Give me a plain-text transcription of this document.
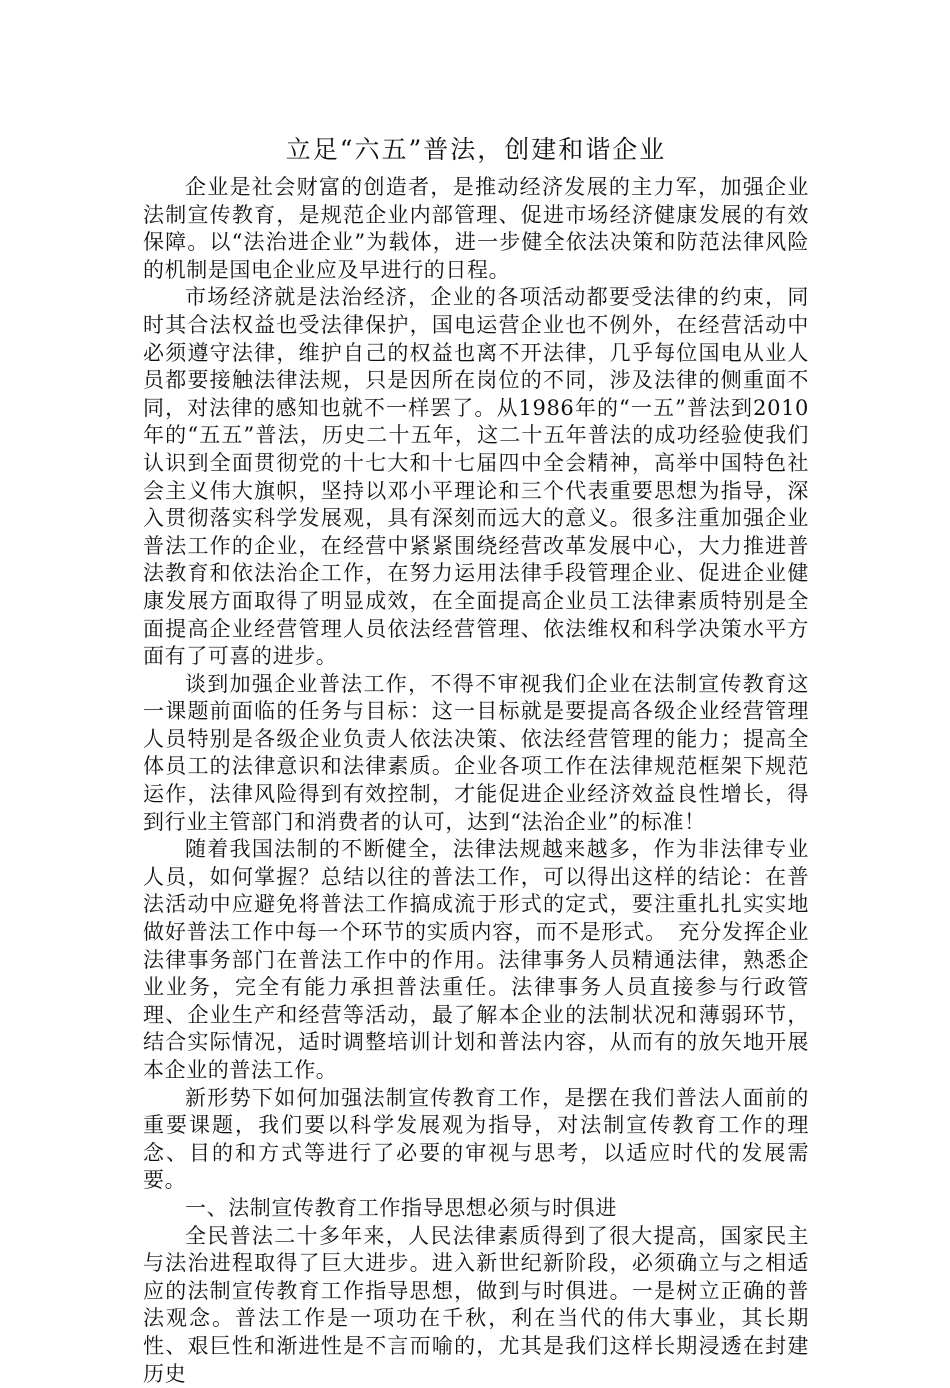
立足“六五”普法，创建和谐企业

企业是社会财富的创造者，是推动经济发展的主力军，加强企业法制宣传教育，是规范企业内部管理、促进市场经济健康发展的有效保障。以“法治进企业”为载体，进一步健全依法决策和防范法律风险的机制是国电企业应及早进行的日程。

市场经济就是法治经济，企业的各项活动都要受法律的约束，同时其合法权益也受法律保护，国电运营企业也不例外，在经营活动中必须遵守法律，维护自己的权益也离不开法律，几乎每位国电从业人员都要接触法律法规，只是因所在岗位的不同，涉及法律的侧重面不同，对法律的感知也就不一样罢了。从1986年的“一五”普法到2010年的“五五”普法，历史二十五年，这二十五年普法的成功经验使我们认识到全面贯彻党的十七大和十七届四中全会精神，高举中国特色社会主义伟大旗帜，坚持以邓小平理论和三个代表重要思想为指导，深入贯彻落实科学发展观，具有深刻而远大的意义。很多注重加强企业普法工作的企业，在经营中紧紧围绕经营改革发展中心，大力推进普法教育和依法治企工作，在努力运用法律手段管理企业、促进企业健康发展方面取得了明显成效，在全面提高企业员工法律素质特别是全面提高企业经营管理人员依法经营管理、依法维权和科学决策水平方面有了可喜的进步。

谈到加强企业普法工作，不得不审视我们企业在法制宣传教育这一课题前面临的任务与目标：这一目标就是要提高各级企业经营管理人员特别是各级企业负责人依法决策、依法经营管理的能力；提高全体员工的法律意识和法律素质。企业各项工作在法律规范框架下规范运作，法律风险得到有效控制，才能促进企业经济效益良性增长，得到行业主管部门和消费者的认可，达到“法治企业”的标准！

随着我国法制的不断健全，法律法规越来越多，作为非法律专业人员，如何掌握？总结以往的普法工作，可以得出这样的结论：在普法活动中应避免将普法工作搞成流于形式的定式，要注重扎扎实实地做好普法工作中每一个环节的实质内容，而不是形式。　充分发挥企业法律事务部门在普法工作中的作用。法律事务人员精通法律，熟悉企业业务，完全有能力承担普法重任。法律事务人员直接参与行政管理、企业生产和经营等活动，最了解本企业的法制状况和薄弱环节，结合实际情况，适时调整培训计划和普法内容，从而有的放矢地开展本企业的普法工作。

新形势下如何加强法制宣传教育工作，是摆在我们普法人面前的重要课题，我们要以科学发展观为指导，对法制宣传教育工作的理念、目的和方式等进行了必要的审视与思考，以适应时代的发展需要。

一、法制宣传教育工作指导思想必须与时俱进

全民普法二十多年来，人民法律素质得到了很大提高，国家民主与法治进程取得了巨大进步。进入新世纪新阶段，必须确立与之相适应的法制宣传教育工作指导思想，做到与时俱进。一是树立正确的普法观念。普法工作是一项功在千秋，利在当代的伟大事业，其长期性、艰巨性和渐进性是不言而喻的，尤其是我们这样长期浸透在封建历史
